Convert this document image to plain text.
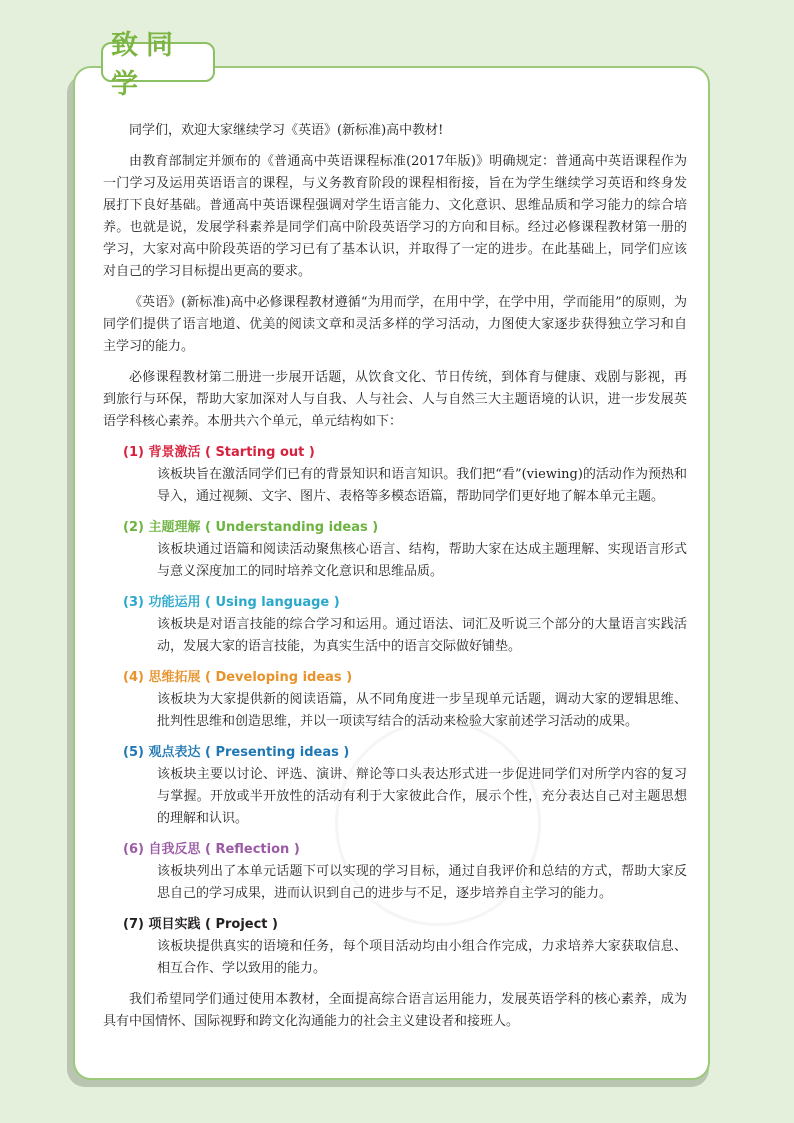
致同学

同学们，欢迎大家继续学习《英语》(新标准)高中教材!

由教育部制定并颁布的《普通高中英语课程标准(2017年版)》明确规定：普通高中英语课程作为一门学习及运用英语语言的课程，与义务教育阶段的课程相衔接，旨在为学生继续学习英语和终身发展打下良好基础。普通高中英语课程强调对学生语言能力、文化意识、思维品质和学习能力的综合培养。也就是说，发展学科素养是同学们高中阶段英语学习的方向和目标。经过必修课程教材第一册的学习，大家对高中阶段英语的学习已有了基本认识，并取得了一定的进步。在此基础上，同学们应该对自己的学习目标提出更高的要求。

《英语》(新标准)高中必修课程教材遵循“为用而学，在用中学，在学中用，学而能用”的原则，为同学们提供了语言地道、优美的阅读文章和灵活多样的学习活动，力图使大家逐步获得独立学习和自主学习的能力。

必修课程教材第二册进一步展开话题，从饮食文化、节日传统，到体育与健康、戏剧与影视，再到旅行与环保，帮助大家加深对人与自我、人与社会、人与自然三大主题语境的认识，进一步发展英语学科核心素养。本册共六个单元，单元结构如下：

(1) 背景激活 ( Starting out )
该板块旨在激活同学们已有的背景知识和语言知识。我们把“看”(viewing)的活动作为预热和导入，通过视频、文字、图片、表格等多模态语篇，帮助同学们更好地了解本单元主题。
(2) 主题理解 ( Understanding ideas )
该板块通过语篇和阅读活动聚焦核心语言、结构，帮助大家在达成主题理解、实现语言形式与意义深度加工的同时培养文化意识和思维品质。
(3) 功能运用 ( Using language )
该板块是对语言技能的综合学习和运用。通过语法、词汇及听说三个部分的大量语言实践活动，发展大家的语言技能，为真实生活中的语言交际做好铺垫。
(4) 思维拓展 ( Developing ideas )
该板块为大家提供新的阅读语篇，从不同角度进一步呈现单元话题，调动大家的逻辑思维、批判性思维和创造思维，并以一项读写结合的活动来检验大家前述学习活动的成果。
(5) 观点表达 ( Presenting ideas )
该板块主要以讨论、评选、演讲、辩论等口头表达形式进一步促进同学们对所学内容的复习与掌握。开放或半开放性的活动有利于大家彼此合作，展示个性，充分表达自己对主题思想的理解和认识。
(6) 自我反思 ( Reflection )
该板块列出了本单元话题下可以实现的学习目标，通过自我评价和总结的方式，帮助大家反思自己的学习成果，进而认识到自己的进步与不足，逐步培养自主学习的能力。
(7) 项目实践 ( Project )
该板块提供真实的语境和任务，每个项目活动均由小组合作完成，力求培养大家获取信息、相互合作、学以致用的能力。

我们希望同学们通过使用本教材，全面提高综合语言运用能力，发展英语学科的核心素养，成为具有中国情怀、国际视野和跨文化沟通能力的社会主义建设者和接班人。
